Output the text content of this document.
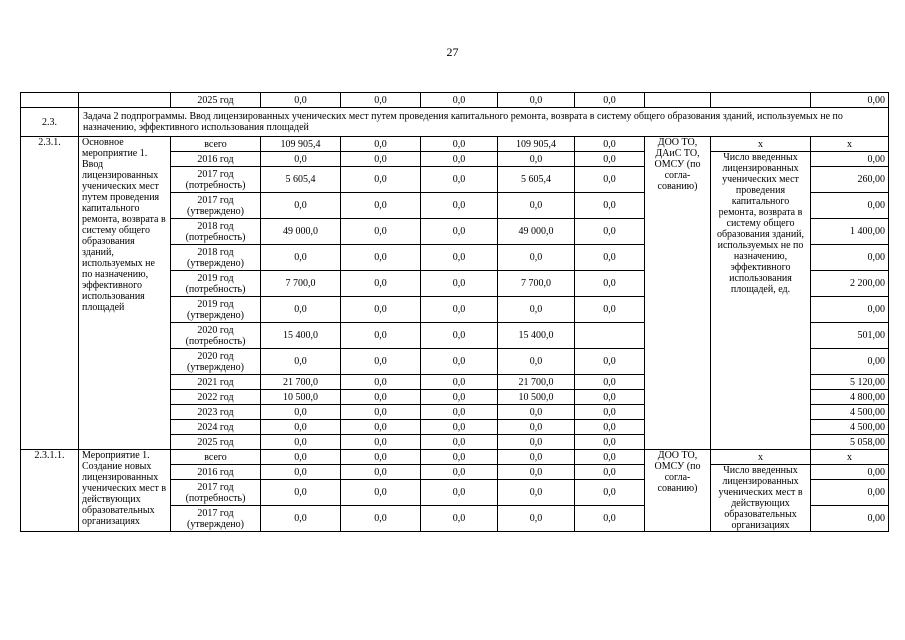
27
		2025 год	0,0	0,0	0,0	0,0	0,0			0,00
2.3.	Задача 2 подпрограммы. Ввод лицензированных ученических мест путем проведения капитального ремонта, возврата в систему общего образования зданий, используемых не по назначению, эффективного использования площадей									
2.3.1.	Основное мероприятие 1. Ввод лицензированных ученических мест путем проведения капитального ремонта, возврата в систему общего образования зданий, используемых не по назначению, эффективного использования площадей	всего	109 905,4	0,0	0,0	109 905,4	0,0	ДОО ТО, ДАиС ТО, ОМСУ (по согла-сованию)	х	х
		2016 год	0,0	0,0	0,0	0,0	0,0		Число введенных лицензированных ученических мест проведения капитального ремонта, возврата в систему общего образования зданий, используемых не по назначению, эффективного использования площадей, ед.	0,00
		2017 год (потребность)	5 605,4	0,0	0,0	5 605,4	0,0			260,00
		2017 год (утверждено)	0,0	0,0	0,0	0,0	0,0			0,00
		2018 год (потребность)	49 000,0	0,0	0,0	49 000,0	0,0			1 400,00
		2018 год (утверждено)	0,0	0,0	0,0	0,0	0,0			0,00
		2019 год (потребность)	7 700,0	0,0	0,0	7 700,0	0,0			2 200,00
		2019 год (утверждено)	0,0	0,0	0,0	0,0	0,0			0,00
		2020 год (потребность)	15 400,0	0,0	0,0	15 400,0				501,00
		2020 год (утверждено)	0,0	0,0	0,0	0,0	0,0			0,00
		2021 год	21 700,0	0,0	0,0	21 700,0	0,0			5 120,00
		2022 год	10 500,0	0,0	0,0	10 500,0	0,0			4 800,00
		2023 год	0,0	0,0	0,0	0,0	0,0			4 500,00
		2024 год	0,0	0,0	0,0	0,0	0,0			4 500,00
		2025 год	0,0	0,0	0,0	0,0	0,0			5 058,00
2.3.1.1.	Мероприятие 1. Создание новых лицензированных ученических мест в действующих образовательных организациях	всего	0,0	0,0	0,0	0,0	0,0	ДОО ТО, ОМСУ (по согла-сованию)	х	х
		2016 год	0,0	0,0	0,0	0,0	0,0		Число введенных лицензированных ученических мест в действующих образовательных организациях	0,00
		2017 год (потребность)	0,0	0,0	0,0	0,0	0,0			0,00
		2017 год (утверждено)	0,0	0,0	0,0	0,0	0,0			0,00
